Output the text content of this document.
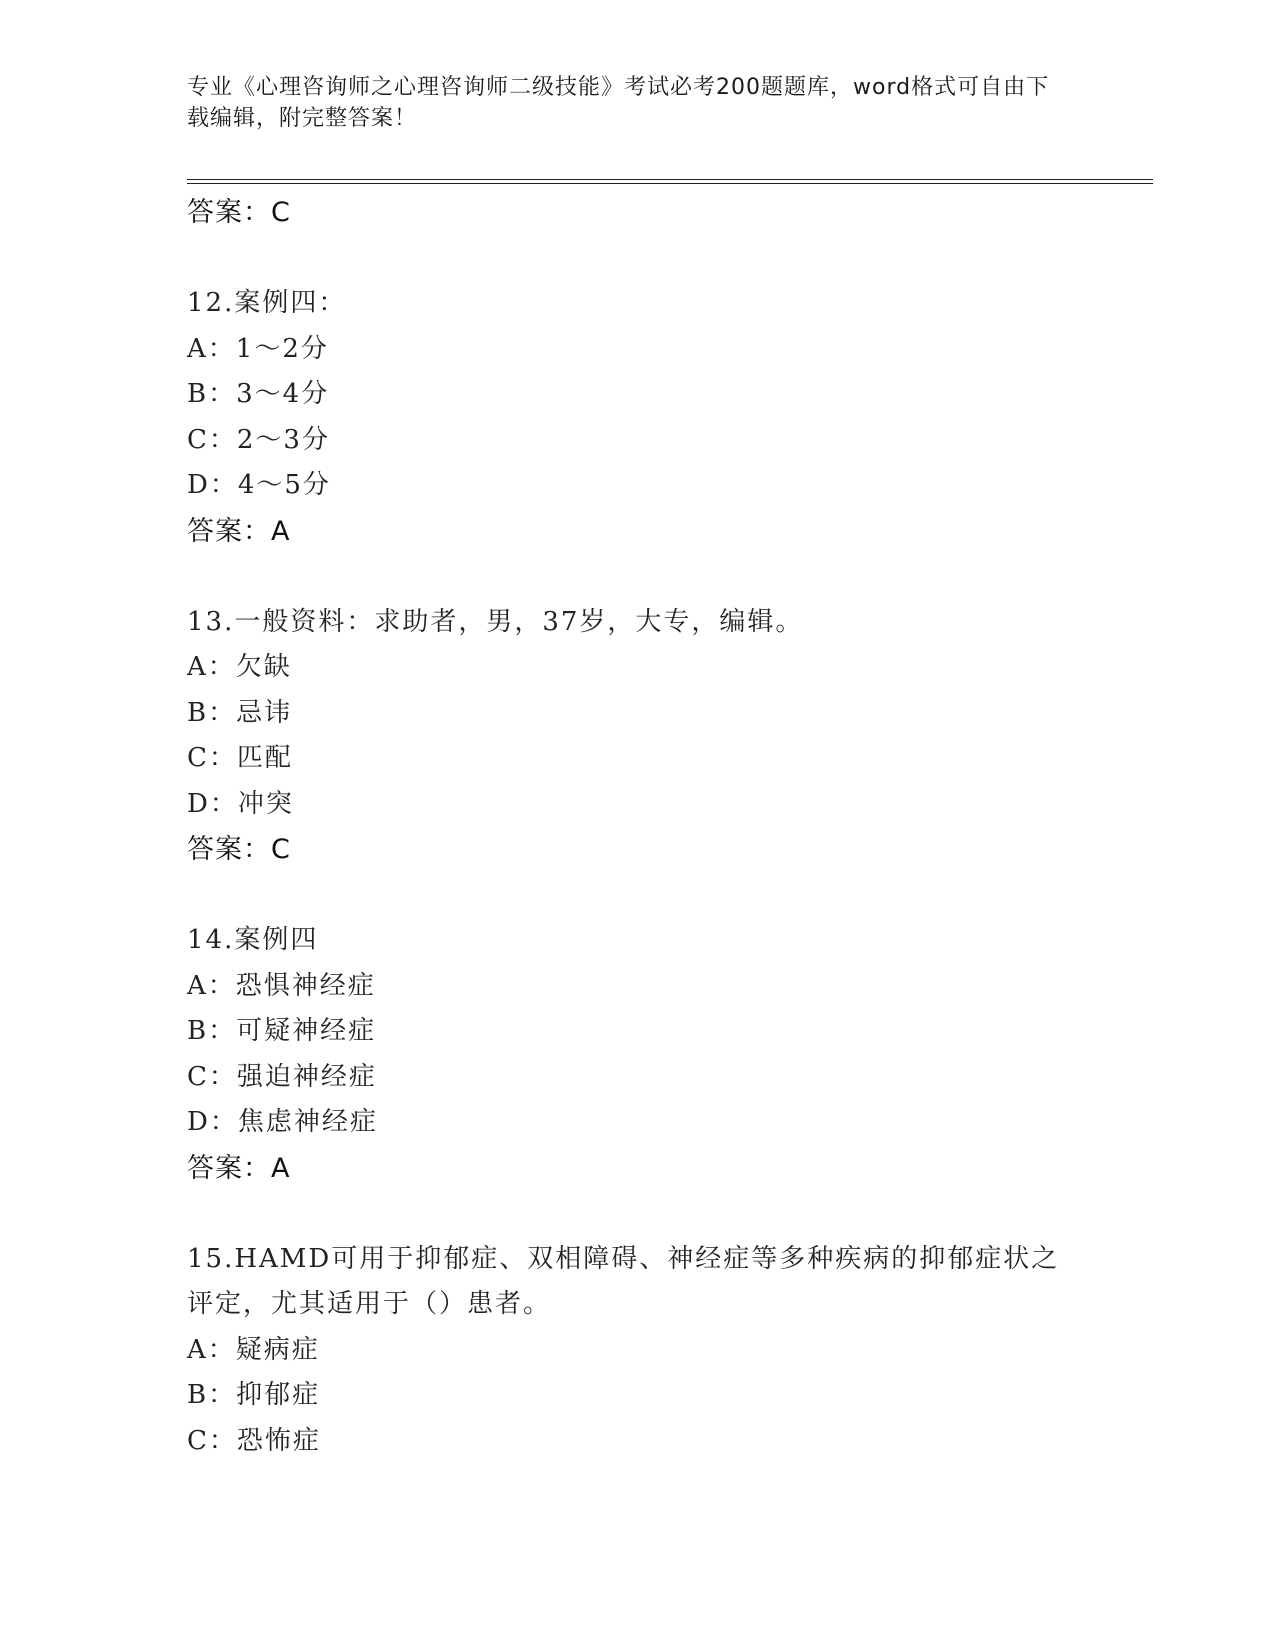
专业《心理咨询师之心理咨询师二级技能》考试必考200题题库，word格式可自由下载编辑，附完整答案！
答案：C
12.案例四：
A：1～2分
B：3～4分
C：2～3分
D：4～5分
答案：A
13.一般资料：求助者，男，37岁，大专，编辑。
A：欠缺
B：忌讳
C：匹配
D：冲突
答案：C
14.案例四
A：恐惧神经症
B：可疑神经症
C：强迫神经症
D：焦虑神经症
答案：A
15.HAMD可用于抑郁症、双相障碍、神经症等多种疾病的抑郁症状之评定，尤其适用于（）患者。
A：疑病症
B：抑郁症
C：恐怖症
